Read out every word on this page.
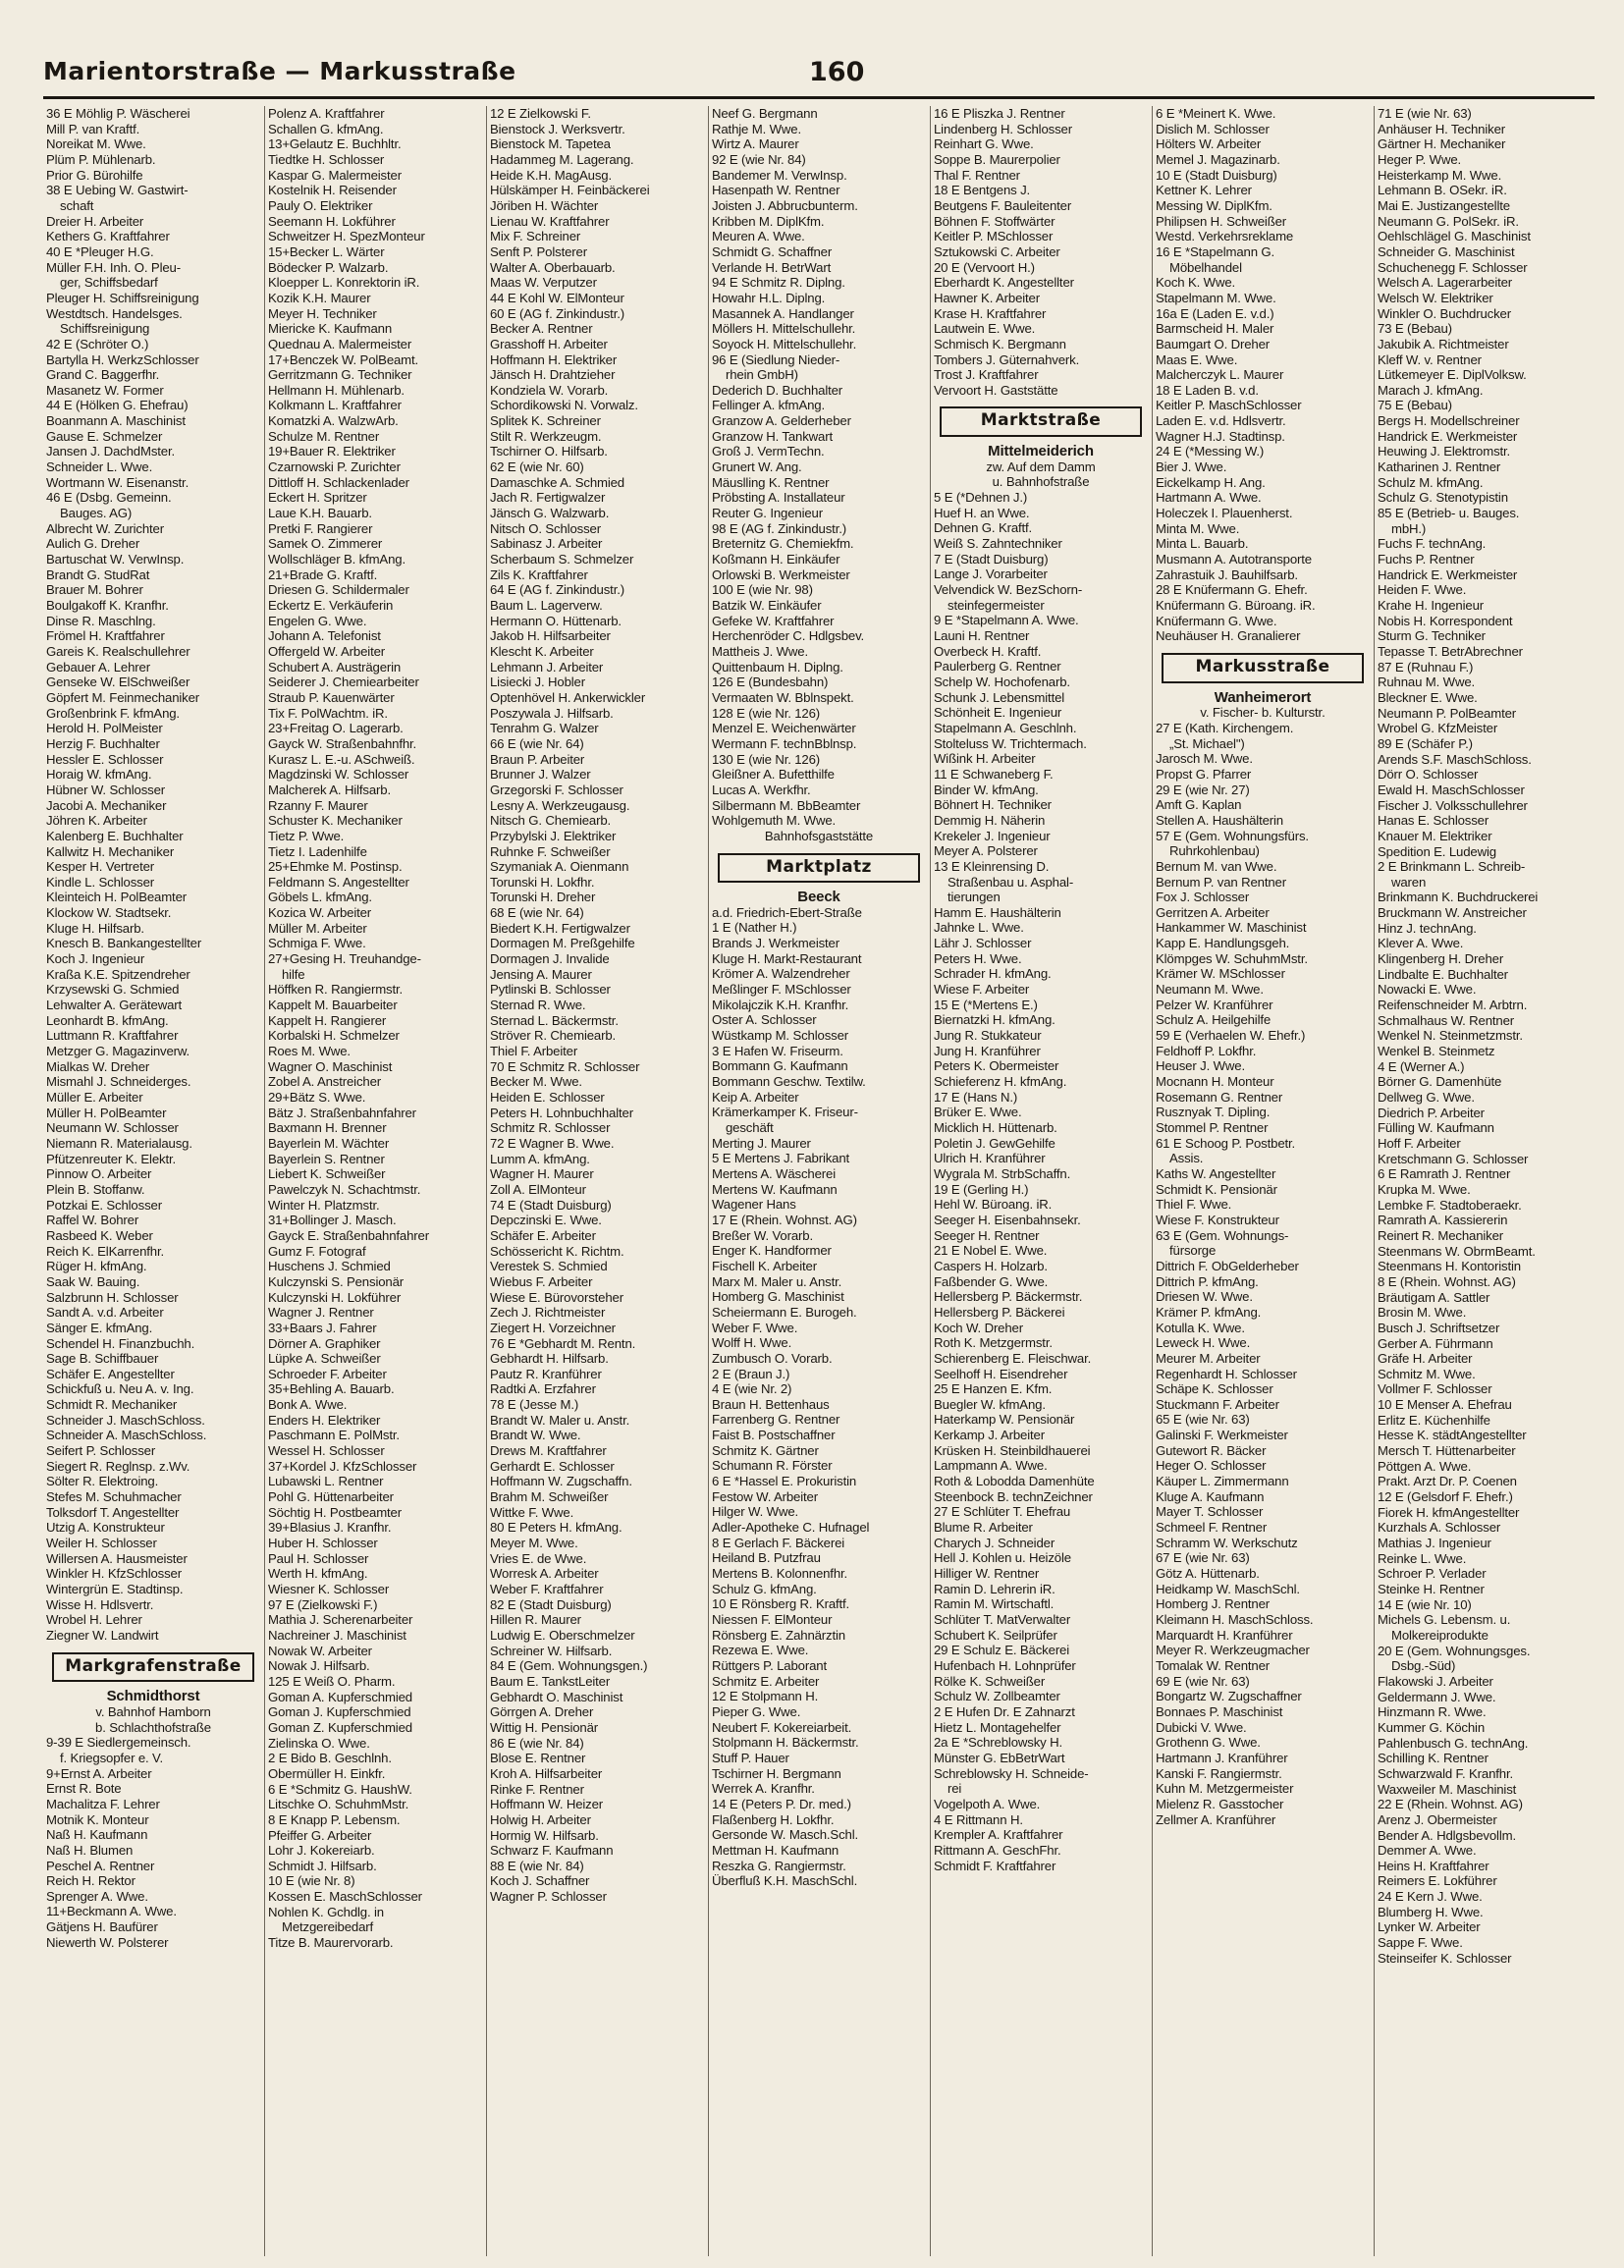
Marientorstraße — Markusstraße	160
36 E Möhlig P. Wäscherei
Mill P. van Kraftf.
Noreikat M. Wwe.
Plüm P. Mühlenarb.
Prior G. Bürohilfe
38 E Uebing W. Gastwirt-
schaft
Dreier H. Arbeiter
Kethers G. Kraftfahrer
40 E *Pleuger H.G.
Müller F.H. Inh. O. Pleu-
ger, Schiffsbedarf
Pleuger H. Schiffsreinigung
Westdtsch. Handelsges.
Schiffsreinigung
42 E (Schröter O.)
Bartylla H. WerkzSchlosser
Grand C. Baggerfhr.
Masanetz W. Former
44 E (Hölken G. Ehefrau)
Boanmann A. Maschinist
Gause E. Schmelzer
Jansen J. DachdMster.
Schneider L. Wwe.
Wortmann W. Eisenanstr.
46 E (Dsbg. Gemeinn.
Bauges. AG)
Albrecht W. Zurichter
Aulich G. Dreher
Bartuschat W. VerwInsp.
Brandt G. StudRat
Brauer M. Bohrer
Boulgakoff K. Kranfhr.
Dinse R. Maschlng.
Frömel H. Kraftfahrer
Gareis K. Realschullehrer
Gebauer A. Lehrer
Genseke W. ElSchweißer
Göpfert M. Feinmechaniker
Großenbrink F. kfmAng.
Herold H. PolMeister
Herzig F. Buchhalter
Hessler E. Schlosser
Horaig W. kfmAng.
Hübner W. Schlosser
Jacobi A. Mechaniker
Jöhren K. Arbeiter
Kalenberg E. Buchhalter
Kallwitz H. Mechaniker
Kesper H. Vertreter
Kindle L. Schlosser
Kleinteich H. PolBeamter
Klockow W. Stadtsekr.
Kluge H. Hilfsarb.
Knesch B. Bankangestellter
Koch J. Ingenieur
Kraßa K.E. Spitzendreher
Krzysewski G. Schmied
Lehwalter A. Gerätewart
Leonhardt B. kfmAng.
Luttmann R. Kraftfahrer
Metzger G. Magazinverw.
Mialkas W. Dreher
Mismahl J. Schneiderges.
Müller E. Arbeiter
Müller H. PolBeamter
Neumann W. Schlosser
Niemann R. Materialausg.
Pfützenreuter K. Elektr.
Pinnow O. Arbeiter
Plein B. Stoffanw.
Potzkai E. Schlosser
Raffel W. Bohrer
Rasbeed K. Weber
Reich K. ElKarrenfhr.
Rüger H. kfmAng.
Saak W. Bauing.
Salzbrunn H. Schlosser
Sandt A. v.d. Arbeiter
Sänger E. kfmAng.
Schendel H. Finanzbuchh.
Sage B. Schiffbauer
Schäfer E. Angestellter
Schickfuß u. Neu A. v. Ing.
Schmidt R. Mechaniker
Schneider J. MaschSchloss.
Schneider A. MaschSchloss.
Seifert P. Schlosser
Siegert R. Reglnsp. z.Wv.
Sölter R. Elektroing.
Stefes M. Schuhmacher
Tolksdorf T. Angestellter
Utzig A. Konstrukteur
Weiler H. Schlosser
Willersen A. Hausmeister
Winkler H. KfzSchlosser
Wintergrün E. Stadtinsp.
Wisse H. Hdlsvertr.
Wrobel H. Lehrer
Ziegner W. Landwirt
Markgrafenstraße
Schmidthorst
v. Bahnhof Hamborn
b. Schlachthofstraße
9-39 E Siedlergemeinsch.
f. Kriegsopfer e. V.
9+Ernst A. Arbeiter
Ernst R. Bote
Machalitza F. Lehrer
Motnik K. Monteur
Naß H. Kaufmann
Naß H. Blumen
Peschel A. Rentner
Reich H. Rektor
Sprenger A. Wwe.
11+Beckmann A. Wwe.
Gätjens H. Baufürer
Niewerth W. Polsterer
Polenz A. Kraftfahrer
Schallen G. kfmAng.
13+Gelautz E. Buchhltr.
Tiedtke H. Schlosser
Kaspar G. Malermeister
Kostelnik H. Reisender
Pauly O. Elektriker
Seemann H. Lokführer
Schweitzer H. SpezMonteur
15+Becker L. Wärter
Bödecker P. Walzarb.
Kloepper L. Konrektorin iR.
Kozik K.H. Maurer
Meyer H. Techniker
Miericke K. Kaufmann
Quednau A. Malermeister
17+Benczek W. PolBeamt.
Gerritzmann G. Techniker
Hellmann H. Mühlenarb.
Kolkmann L. Kraftfahrer
Komatzki A. WalzwArb.
Schulze M. Rentner
19+Bauer R. Elektriker
Czarnowski P. Zurichter
Dittloff H. Schlackenlader
Eckert H. Spritzer
Laue K.H. Bauarb.
Pretki F. Rangierer
Samek O. Zimmerer
Wollschläger B. kfmAng.
21+Brade G. Kraftf.
Driesen G. Schildermaler
Eckertz E. Verkäuferin
Engelen G. Wwe.
Johann A. Telefonist
Offergeld W. Arbeiter
Schubert A. Austrägerin
Seiderer J. Chemiearbeiter
Straub P. Kauenwärter
Tix F. PolWachtm. iR.
23+Freitag O. Lagerarb.
Gayck W. Straßenbahnfhr.
Kurasz L. E.-u. ASchweiß.
Magdzinski W. Schlosser
Malcherek A. Hilfsarb.
Rzanny F. Maurer
Schuster K. Mechaniker
Tietz P. Wwe.
Tietz I. Ladenhilfe
25+Ehmke M. Postinsp.
Feldmann S. Angestellter
Göbels L. kfmAng.
Kozica W. Arbeiter
Müller M. Arbeiter
Schmiga F. Wwe.
27+Gesing H. Treuhandge-
hilfe
Höffken R. Rangiermstr.
Kappelt M. Bauarbeiter
Kappelt H. Rangierer
Korbalski H. Schmelzer
Roes M. Wwe.
Wagner O. Maschinist
Zobel A. Anstreicher
29+Bätz S. Wwe.
Bätz J. Straßenbahnfahrer
Baxmann H. Brenner
Bayerlein M. Wächter
Bayerlein S. Rentner
Liebert K. Schweißer
Pawelczyk N. Schachtmstr.
Winter H. Platzmstr.
31+Bollinger J. Masch.
Gayck E. Straßenbahnfahrer
Gumz F. Fotograf
Huschens J. Schmied
Kulczynski S. Pensionär
Kulczynski H. Lokführer
Wagner J. Rentner
33+Baars J. Fahrer
Dörner A. Graphiker
Lüpke A. Schweißer
Schroeder F. Arbeiter
35+Behling A. Bauarb.
Bonk A. Wwe.
Enders H. Elektriker
Paschmann E. PolMstr.
Wessel H. Schlosser
37+Kordel J. KfzSchlosser
Lubawski L. Rentner
Pohl G. Hüttenarbeiter
Söchtig H. Postbeamter
39+Blasius J. Kranfhr.
Huber H. Schlosser
Paul H. Schlosser
Werth H. kfmAng.
Wiesner K. Schlosser
97 E (Zielkowski F.)
Mathia J. Scherenarbeiter
Nachreiner J. Maschinist
Nowak W. Arbeiter
Nowak J. Hilfsarb.
125 E Weiß O. Pharm.
Goman A. Kupferschmied
Goman J. Kupferschmied
Goman Z. Kupferschmied
Zielinska O. Wwe.
2 E Bido B. Geschlnh.
Obermüller H. Einkfr.
6 E *Schmitz G. HaushW.
Litschke O. SchuhmMstr.
8 E Knapp P. Lebensm.
Pfeiffer G. Arbeiter
Lohr J. Kokereiarb.
Schmidt J. Hilfsarb.
10 E (wie Nr. 8)
Kossen E. MaschSchlosser
Nohlen K. Gchdlg. in
Metzgereibedarf
Titze B. Maurervorarb.
12 E Zielkowski F.
Bienstock J. Werksvertr.
Bienstock M. Tapetea
Hadammeg M. Lagerang.
Heide K.H. MagAusg.
Hülskämper H. Feinbäckerei
Jöriben H. Wächter
Lienau W. Kraftfahrer
Mix F. Schreiner
Senft P. Polsterer
Walter A. Oberbauarb.
Maas W. Verputzer
44 E Kohl W. ElMonteur
60 E (AG f. Zinkindustr.)
Becker A. Rentner
Grasshoff H. Arbeiter
Hoffmann H. Elektriker
Jänsch H. Drahtzieher
Kondziela W. Vorarb.
Schordikowski N. Vorwalz.
Splitek K. Schreiner
Stilt R. Werkzeugm.
Tschirner O. Hilfsarb.
62 E (wie Nr. 60)
Damaschke A. Schmied
Jach R. Fertigwalzer
Jänsch G. Walzwarb.
Nitsch O. Schlosser
Sabinasz J. Arbeiter
Scherbaum S. Schmelzer
Zils K. Kraftfahrer
64 E (AG f. Zinkindustr.)
Baum L. Lagerverw.
Hermann O. Hüttenarb.
Jakob H. Hilfsarbeiter
Klescht K. Arbeiter
Lehmann J. Arbeiter
Lisiecki J. Hobler
Optenhövel H. Ankerwickler
Poszywala J. Hilfsarb.
Tenrahm G. Walzer
66 E (wie Nr. 64)
Braun P. Arbeiter
Brunner J. Walzer
Grzegorski F. Schlosser
Lesny A. Werkzeugausg.
Nitsch G. Chemiearb.
Przybylski J. Elektriker
Ruhnke F. Schweißer
Szymaniak A. Oienmann
Torunski H. Lokfhr.
Torunski H. Dreher
68 E (wie Nr. 64)
Biedert K.H. Fertigwalzer
Dormagen M. Preßgehilfe
Dormagen J. Invalide
Jensing A. Maurer
Pytlinski B. Schlosser
Sternad R. Wwe.
Sternad L. Bäckermstr.
Ströver R. Chemiearb.
Thiel F. Arbeiter
70 E Schmitz R. Schlosser
Becker M. Wwe.
Heiden E. Schlosser
Peters H. Lohnbuchhalter
Schmitz R. Schlosser
72 E Wagner B. Wwe.
Lumm A. kfmAng.
Wagner H. Maurer
Zoll A. ElMonteur
74 E (Stadt Duisburg)
Depczinski E. Wwe.
Schäfer E. Arbeiter
Schössericht K. Richtm.
Verestek S. Schmied
Wiebus F. Arbeiter
Wiese E. Bürovorsteher
Zech J. Richtmeister
Ziegert H. Vorzeichner
76 E *Gebhardt M. Rentn.
Gebhardt H. Hilfsarb.
Pautz R. Kranführer
Radtki A. Erzfahrer
78 E (Jesse M.)
Brandt W. Maler u. Anstr.
Brandt W. Wwe.
Drews M. Kraftfahrer
Gerhardt E. Schlosser
Hoffmann W. Zugschaffn.
Brahm M. Schweißer
Wittke F. Wwe.
80 E Peters H. kfmAng.
Meyer M. Wwe.
Vries E. de Wwe.
Worresk A. Arbeiter
Weber F. Kraftfahrer
82 E (Stadt Duisburg)
Hillen R. Maurer
Ludwig E. Oberschmelzer
Schreiner W. Hilfsarb.
84 E (Gem. Wohnungsgen.)
Baum E. TankstLeiter
Gebhardt O. Maschinist
Görrgen A. Dreher
Wittig H. Pensionär
86 E (wie Nr. 84)
Blose E. Rentner
Kroh A. Hilfsarbeiter
Rinke F. Rentner
Hoffmann W. Heizer
Holwig H. Arbeiter
Hormig W. Hilfsarb.
Schwarz F. Kaufmann
88 E (wie Nr. 84)
Koch J. Schaffner
Wagner P. Schlosser
Neef G. Bergmann
Rathje M. Wwe.
Wirtz A. Maurer
92 E (wie Nr. 84)
Bandemer M. VerwInsp.
Hasenpath W. Rentner
Joisten J. Abbrucbunterm.
Kribben M. DiplKfm.
Meuren A. Wwe.
Schmidt G. Schaffner
Verlande H. BetrWart
94 E Schmitz R. Diplng.
Howahr H.L. Diplng.
Masannek A. Handlanger
Möllers H. Mittelschullehr.
Soyock H. Mittelschullehr.
96 E (Siedlung Nieder-
rhein GmbH)
Dederich D. Buchhalter
Fellinger A. kfmAng.
Granzow A. Gelderheber
Granzow H. Tankwart
Groß J. VermTechn.
Grunert W. Ang.
Mäuslling K. Rentner
Pröbsting A. Installateur
Reuter G. Ingenieur
98 E (AG f. Zinkindustr.)
Breternitz G. Chemiekfm.
Koßmann H. Einkäufer
Orlowski B. Werkmeister
100 E (wie Nr. 98)
Batzik W. Einkäufer
Gefeke W. Kraftfahrer
Herchenröder C. Hdlgsbev.
Mattheis J. Wwe.
Quittenbaum H. Diplng.
126 E (Bundesbahn)
Vermaaten W. Bblnspekt.
128 E (wie Nr. 126)
Menzel E. Weichenwärter
Wermann F. technBblnsp.
130 E (wie Nr. 126)
Gleißner A. Bufetthilfe
Lucas A. Werkfhr.
Silbermann M. BbBeamter
Wohlgemuth M. Wwe.
Bahnhofsgaststätte
Marktplatz
Beeck
a.d. Friedrich-Ebert-Straße
1 E (Nather H.)
Brands J. Werkmeister
Kluge H. Markt-Restaurant
Krömer A. Walzendreher
Meßlinger F. MSchlosser
Mikolajczik K.H. Kranfhr.
Oster A. Schlosser
Wüstkamp M. Schlosser
3 E Hafen W. Friseurm.
Bommann G. Kaufmann
Bommann Geschw. Textilw.
Keip A. Arbeiter
Krämerkamper K. Friseur-
geschäft
Merting J. Maurer
5 E Mertens J. Fabrikant
Mertens A. Wäscherei
Mertens W. Kaufmann
Wagener Hans
17 E (Rhein. Wohnst. AG)
Breßer W. Vorarb.
Enger K. Handformer
Fischell K. Arbeiter
Marx M. Maler u. Anstr.
Homberg G. Maschinist
Scheiermann E. Burogeh.
Weber F. Wwe.
Wolff H. Wwe.
Zumbusch O. Vorarb.
2 E (Braun J.)
4 E (wie Nr. 2)
Braun H. Bettenhaus
Farrenberg G. Rentner
Faist B. Postschaffner
Schmitz K. Gärtner
Schumann R. Förster
6 E *Hassel E. Prokuristin
Festow W. Arbeiter
Hilger W. Wwe.
Adler-Apotheke C. Hufnagel
8 E Gerlach F. Bäckerei
Heiland B. Putzfrau
Mertens B. Kolonnenfhr.
Schulz G. kfmAng.
10 E Rönsberg R. Kraftf.
Niessen F. ElMonteur
Rönsberg E. Zahnärztin
Rezewa E. Wwe.
Rüttgers P. Laborant
Schmitz E. Arbeiter
12 E Stolpmann H.
Pieper G. Wwe.
Neubert F. Kokereiarbeit.
Stolpmann H. Bäckermstr.
Stuff P. Hauer
Tschirner H. Bergmann
Werrek A. Kranfhr.
14 E (Peters P. Dr. med.)
Flaßenberg H. Lokfhr.
Gersonde W. Masch.Schl.
Mettman H. Kaufmann
Reszka G. Rangiermstr.
Überfluß K.H. MaschSchl.
16 E Pliszka J. Rentner
Lindenberg H. Schlosser
Reinhart G. Wwe.
Soppe B. Maurerpolier
Thal F. Rentner
18 E Bentgens J.
Beutgens F. Bauleitenter
Böhnen F. Stoffwärter
Keitler P. MSchlosser
Sztukowski C. Arbeiter
20 E (Vervoort H.)
Eberhardt K. Angestellter
Hawner K. Arbeiter
Krase H. Kraftfahrer
Lautwein E. Wwe.
Schmisch K. Bergmann
Tombers J. Güternahverk.
Trost J. Kraftfahrer
Vervoort H. Gaststätte
Marktstraße
Mittelmeiderich
zw. Auf dem Damm
u. Bahnhofstraße
5 E (*Dehnen J.)
Huef H. an Wwe.
Dehnen G. Kraftf.
Weiß S. Zahntechniker
7 E (Stadt Duisburg)
Lange J. Vorarbeiter
Velvendick W. BezSchorn-
steinfegermeister
9 E *Stapelmann A. Wwe.
Launi H. Rentner
Overbeck H. Kraftf.
Paulerberg G. Rentner
Schelp W. Hochofenarb.
Schunk J. Lebensmittel
Schönheit E. Ingenieur
Stapelmann A. Geschlnh.
Stolteluss W. Trichtermach.
Wißink H. Arbeiter
11 E Schwaneberg F.
Binder W. kfmAng.
Böhnert H. Techniker
Demmig H. Näherin
Krekeler J. Ingenieur
Meyer A. Polsterer
13 E Kleinrensing D.
Straßenbau u. Asphal-
tierungen
Hamm E. Haushälterin
Jahnke L. Wwe.
Lähr J. Schlosser
Peters H. Wwe.
Schrader H. kfmAng.
Wiese F. Arbeiter
15 E (*Mertens E.)
Biernatzki H. kfmAng.
Jung R. Stukkateur
Jung H. Kranführer
Peters K. Obermeister
Schieferenz H. kfmAng.
17 E (Hans N.)
Brüker E. Wwe.
Micklich H. Hüttenarb.
Poletin J. GewGehilfe
Ulrich H. Kranführer
Wygrala M. StrbSchaffn.
19 E (Gerling H.)
Hehl W. Büroang. iR.
Seeger H. Eisenbahnsekr.
Seeger H. Rentner
21 E Nobel E. Wwe.
Caspers H. Holzarb.
Faßbender G. Wwe.
Hellersberg P. Bäckermstr.
Hellersberg P. Bäckerei
Koch W. Dreher
Roth K. Metzgermstr.
Schierenberg E. Fleischwar.
Seelhoff H. Eisendreher
25 E Hanzen E. Kfm.
Buegler W. kfmAng.
Haterkamp W. Pensionär
Kerkamp J. Arbeiter
Krüsken H. Steinbildhauerei
Lampmann A. Wwe.
Roth & Lobodda Damenhüte
Steenbock B. technZeichner
27 E Schlüter T. Ehefrau
Blume R. Arbeiter
Charych J. Schneider
Hell J. Kohlen u. Heizöle
Hilliger W. Rentner
Ramin D. Lehrerin iR.
Ramin M. Wirtschaftl.
Schlüter T. MatVerwalter
Schubert K. Seilprüfer
29 E Schulz E. Bäckerei
Hufenbach H. Lohnprüfer
Rölke K. Schweißer
Schulz W. Zollbeamter
2 E Hufen Dr. E Zahnarzt
Hietz L. Montagehelfer
2a E *Schreblowsky H.
Münster G. EbBetrWart
Schreblowsky H. Schneide-
rei
Vogelpoth A. Wwe.
4 E Rittmann H.
Krempler A. Kraftfahrer
Rittmann A. GeschFhr.
Schmidt F. Kraftfahrer
6 E *Meinert K. Wwe.
Dislich M. Schlosser
Hölters W. Arbeiter
Memel J. Magazinarb.
10 E (Stadt Duisburg)
Kettner K. Lehrer
Messing W. DiplKfm.
Philipsen H. Schweißer
Westd. Verkehrsreklame
16 E *Stapelmann G.
Möbelhandel
Koch K. Wwe.
Stapelmann M. Wwe.
16a E (Laden E. v.d.)
Barmscheid H. Maler
Baumgart O. Dreher
Maas E. Wwe.
Malcherczyk L. Maurer
18 E Laden B. v.d.
Keitler P. MaschSchlosser
Laden E. v.d. Hdlsvertr.
Wagner H.J. Stadtinsp.
24 E (*Messing W.)
Bier J. Wwe.
Eickelkamp H. Ang.
Hartmann A. Wwe.
Holeczek I. Plauenherst.
Minta M. Wwe.
Minta L. Bauarb.
Musmann A. Autotransporte
Zahrastuik J. Bauhilfsarb.
28 E Knüfermann G. Ehefr.
Knüfermann G. Büroang. iR.
Knüfermann G. Wwe.
Neuhäuser H. Granalierer
Markusstraße
Wanheimerort
v. Fischer- b. Kulturstr.
27 E (Kath. Kirchengem.
„St. Michael")
Jarosch M. Wwe.
Propst G. Pfarrer
29 E (wie Nr. 27)
Amft G. Kaplan
Stellen A. Haushälterin
57 E (Gem. Wohnungsfürs.
Ruhrkohlenbau)
Bernum M. van Wwe.
Bernum P. van Rentner
Fox J. Schlosser
Gerritzen A. Arbeiter
Hankammer W. Maschinist
Kapp E. Handlungsgeh.
Klömpges W. SchuhmMstr.
Krämer W. MSchlosser
Neumann M. Wwe.
Pelzer W. Kranführer
Schulz A. Heilgehilfe
59 E (Verhaelen W. Ehefr.)
Feldhoff P. Lokfhr.
Heuser J. Wwe.
Mocnann H. Monteur
Rosemann G. Rentner
Rusznyak T. Dipling.
Stommel P. Rentner
61 E Schoog P. Postbetr.
Assis.
Kaths W. Angestellter
Schmidt K. Pensionär
Thiel F. Wwe.
Wiese F. Konstrukteur
63 E (Gem. Wohnungs-
fürsorge
Dittrich F. ObGelderheber
Dittrich P. kfmAng.
Driesen W. Wwe.
Krämer P. kfmAng.
Kotulla K. Wwe.
Leweck H. Wwe.
Meurer M. Arbeiter
Regenhardt H. Schlosser
Schäpe K. Schlosser
Stuckmann F. Arbeiter
65 E (wie Nr. 63)
Galinski F. Werkmeister
Gutewort R. Bäcker
Heger O. Schlosser
Käuper L. Zimmermann
Kluge A. Kaufmann
Mayer T. Schlosser
Schmeel F. Rentner
Schramm W. Werkschutz
67 E (wie Nr. 63)
Götz A. Hüttenarb.
Heidkamp W. MaschSchl.
Homberg J. Rentner
Kleimann H. MaschSchloss.
Marquardt H. Kranführer
Meyer R. Werkzeugmacher
Tomalak W. Rentner
69 E (wie Nr. 63)
Bongartz W. Zugschaffner
Bonnaes P. Maschinist
Dubicki V. Wwe.
Grothenn G. Wwe.
Hartmann J. Kranführer
Kanski F. Rangiermstr.
Kuhn M. Metzgermeister
Mielenz R. Gasstocher
Zellmer A. Kranführer
71 E (wie Nr. 63)
Anhäuser H. Techniker
Gärtner H. Mechaniker
Heger P. Wwe.
Heisterkamp M. Wwe.
Lehmann B. OSekr. iR.
Mai E. Justizangestellte
Neumann G. PolSekr. iR.
Oehlschlägel G. Maschinist
Schneider G. Maschinist
Schuchenegg F. Schlosser
Welsch A. Lagerarbeiter
Welsch W. Elektriker
Winkler O. Buchdrucker
73 E (Bebau)
Jakubik A. Richtmeister
Kleff W. v. Rentner
Lütkemeyer E. DiplVolksw.
Marach J. kfmAng.
75 E (Bebau)
Bergs H. Modellschreiner
Handrick E. Werkmeister
Heuwing J. Elektromstr.
Katharinen J. Rentner
Schulz M. kfmAng.
Schulz G. Stenotypistin
85 E (Betrieb- u. Bauges.
mbH.)
Fuchs F. technAng.
Fuchs P. Rentner
Handrick E. Werkmeister
Heiden F. Wwe.
Krahe H. Ingenieur
Nobis H. Korrespondent
Sturm G. Techniker
Tepasse T. BetrAbrechner
87 E (Ruhnau F.)
Ruhnau M. Wwe.
Bleckner E. Wwe.
Neumann P. PolBeamter
Wrobel G. KfzMeister
89 E (Schäfer P.)
Arends S.F. MaschSchloss.
Dörr O. Schlosser
Ewald H. MaschSchlosser
Fischer J. Volksschullehrer
Hanas E. Schlosser
Knauer M. Elektriker
Spedition E. Ludewig
2 E Brinkmann L. Schreib-
waren
Brinkmann K. Buchdruckerei
Bruckmann W. Anstreicher
Hinz J. technAng.
Klever A. Wwe.
Klingenberg H. Dreher
Lindbalte E. Buchhalter
Nowacki E. Wwe.
Reifenschneider M. Arbtrn.
Schmalhaus W. Rentner
Wenkel N. Steinmetzmstr.
Wenkel B. Steinmetz
4 E (Werner A.)
Börner G. Damenhüte
Dellweg G. Wwe.
Diedrich P. Arbeiter
Fülling W. Kaufmann
Hoff F. Arbeiter
Kretschmann G. Schlosser
6 E Ramrath J. Rentner
Krupka M. Wwe.
Lembke F. Stadtoberaekr.
Ramrath A. Kassiererin
Reinert R. Mechaniker
Steenmans W. ObrmBeamt.
Steenmans H. Kontoristin
8 E (Rhein. Wohnst. AG)
Bräutigam A. Sattler
Brosin M. Wwe.
Busch J. Schriftsetzer
Gerber A. Führmann
Gräfe H. Arbeiter
Schmitz M. Wwe.
Vollmer F. Schlosser
10 E Menser A. Ehefrau
Erlitz E. Küchenhilfe
Hesse K. städtAngestellter
Mersch T. Hüttenarbeiter
Pöttgen A. Wwe.
Prakt. Arzt Dr. P. Coenen
12 E (Gelsdorf F. Ehefr.)
Fiorek H. kfmAngestellter
Kurzhals A. Schlosser
Mathias J. Ingenieur
Reinke L. Wwe.
Schroer P. Verlader
Steinke H. Rentner
14 E (wie Nr. 10)
Michels G. Lebensm. u.
Molkereiprodukte
20 E (Gem. Wohnungsges.
Dsbg.-Süd)
Flakowski J. Arbeiter
Geldermann J. Wwe.
Hinzmann R. Wwe.
Kummer G. Köchin
Pahlenbusch G. technAng.
Schilling K. Rentner
Schwarzwald F. Kranfhr.
Waxweiler M. Maschinist
22 E (Rhein. Wohnst. AG)
Arenz J. Obermeister
Bender A. Hdlgsbevollm.
Demmer A. Wwe.
Heins H. Kraftfahrer
Reimers E. Lokführer
24 E Kern J. Wwe.
Blumberg H. Wwe.
Lynker W. Arbeiter
Sappe F. Wwe.
Steinseifer K. Schlosser
